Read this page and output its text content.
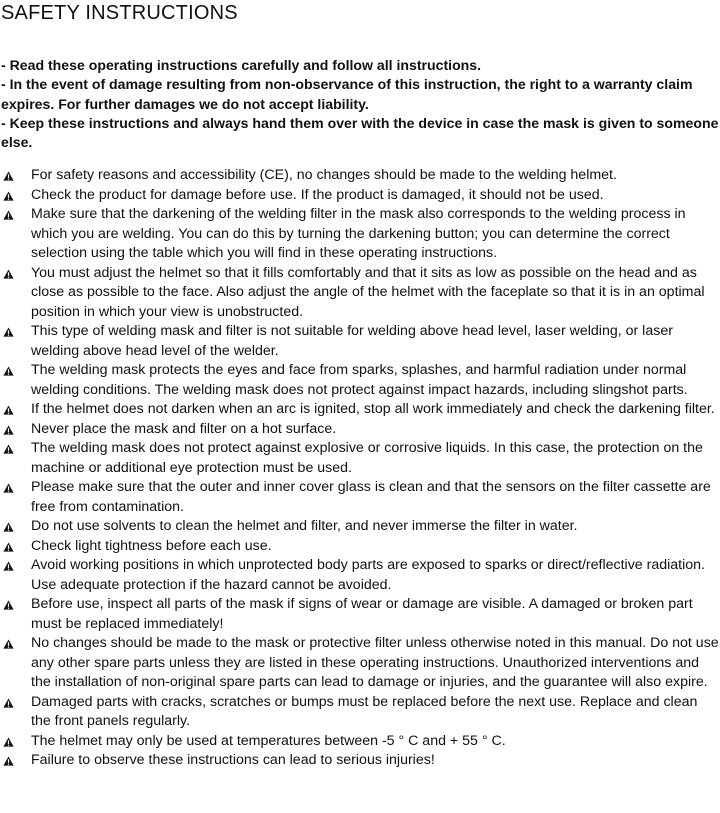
SAFETY INSTRUCTIONS
- Read these operating instructions carefully and follow all instructions.
- In the event of damage resulting from non-observance of this instruction, the right to a warranty claim expires. For further damages we do not accept liability.
- Keep these instructions and always hand them over with the device in case the mask is given to someone else.
For safety reasons and accessibility (CE), no changes should be made to the welding helmet.
Check the product for damage before use. If the product is damaged, it should not be used.
Make sure that the darkening of the welding filter in the mask also corresponds to the welding process in which you are welding. You can do this by turning the darkening button; you can determine the correct selection using the table which you will find in these operating instructions.
You must adjust the helmet so that it fills comfortably and that it sits as low as possible on the head and as close as possible to the face. Also adjust the angle of the helmet with the faceplate so that it is in an optimal position in which your view is unobstructed.
This type of welding mask and filter is not suitable for welding above head level, laser welding, or laser welding above head level of the welder.
The welding mask protects the eyes and face from sparks, splashes, and harmful radiation under normal welding conditions. The welding mask does not protect against impact hazards, including slingshot parts.
If the helmet does not darken when an arc is ignited, stop all work immediately and check the darkening filter.
Never place the mask and filter on a hot surface.
The welding mask does not protect against explosive or corrosive liquids. In this case, the protection on the machine or additional eye protection must be used.
Please make sure that the outer and inner cover glass is clean and that the sensors on the filter cassette are free from contamination.
Do not use solvents to clean the helmet and filter, and never immerse the filter in water.
Check light tightness before each use.
Avoid working positions in which unprotected body parts are exposed to sparks or direct/reflective radiation. Use adequate protection if the hazard cannot be avoided.
Before use, inspect all parts of the mask if signs of wear or damage are visible. A damaged or broken part must be replaced immediately!
No changes should be made to the mask or protective filter unless otherwise noted in this manual. Do not use any other spare parts unless they are listed in these operating instructions. Unauthorized interventions and the installation of non-original spare parts can lead to damage or injuries, and the guarantee will also expire.
Damaged parts with cracks, scratches or bumps must be replaced before the next use. Replace and clean the front panels regularly.
The helmet may only be used at temperatures between -5 ° C and + 55 ° C.
Failure to observe these instructions can lead to serious injuries!
